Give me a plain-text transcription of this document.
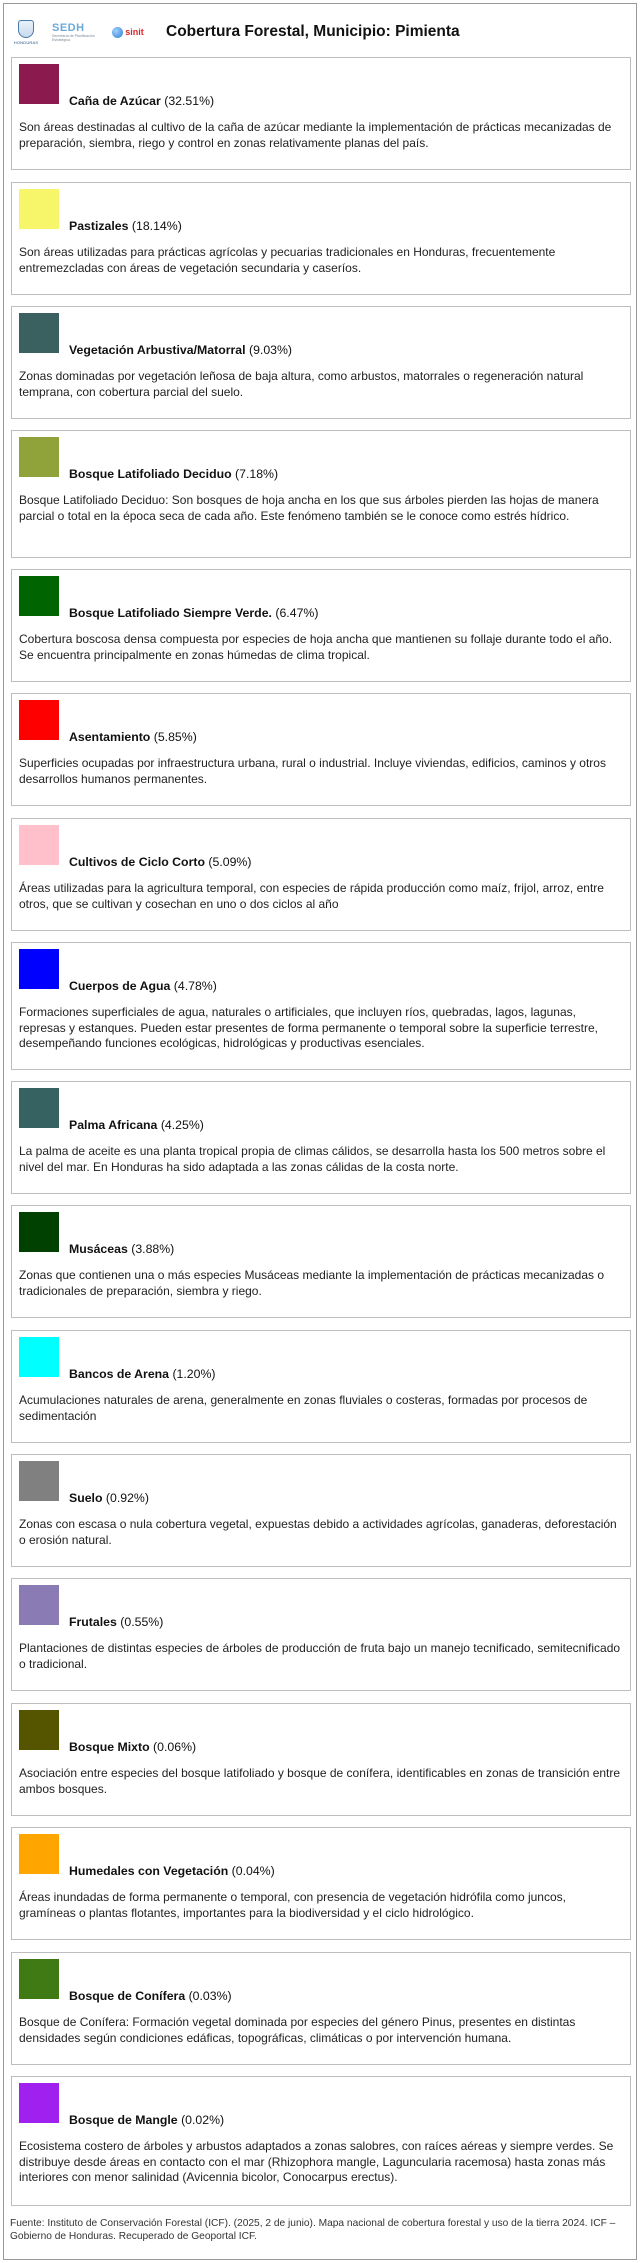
HONDURAS
SEDH
Secretaría de Planificación Estratégica
sinit Cobertura Forestal, Municipio: Pimienta
Caña de Azúcar (32.51%)
Son áreas destinadas al cultivo de la caña de azúcar mediante la implementación de prácticas mecanizadas de preparación, siembra, riego y control en zonas relativamente planas del país.
Pastizales (18.14%)
Son áreas utilizadas para prácticas agrícolas y pecuarias tradicionales en Honduras, frecuentemente entremezcladas con áreas de vegetación secundaria y caseríos.
Vegetación Arbustiva/Matorral (9.03%)
Zonas dominadas por vegetación leñosa de baja altura, como arbustos, matorrales o regeneración natural temprana, con cobertura parcial del suelo.
Bosque Latifoliado Deciduo (7.18%)
Bosque Latifoliado Deciduo: Son bosques de hoja ancha en los que sus árboles pierden las hojas de manera parcial o total en la época seca de cada año. Este fenómeno también se le conoce como estrés hídrico.
Bosque Latifoliado Siempre Verde. (6.47%)
Cobertura boscosa densa compuesta por especies de hoja ancha que mantienen su follaje durante todo el año. Se encuentra principalmente en zonas húmedas de clima tropical.
Asentamiento (5.85%)
Superficies ocupadas por infraestructura urbana, rural o industrial. Incluye viviendas, edificios, caminos y otros desarrollos humanos permanentes.
Cultivos de Ciclo Corto (5.09%)
Áreas utilizadas para la agricultura temporal, con especies de rápida producción como maíz, frijol, arroz, entre otros, que se cultivan y cosechan en uno o dos ciclos al año
Cuerpos de Agua (4.78%)
Formaciones superficiales de agua, naturales o artificiales, que incluyen ríos, quebradas, lagos, lagunas, represas y estanques. Pueden estar presentes de forma permanente o temporal sobre la superficie terrestre, desempeñando funciones ecológicas, hidrológicas y productivas esenciales.
Palma Africana (4.25%)
La palma de aceite es una planta tropical propia de climas cálidos, se desarrolla hasta los 500 metros sobre el nivel del mar. En Honduras ha sido adaptada a las zonas cálidas de la costa norte.
Musáceas (3.88%)
Zonas que contienen una o más especies Musáceas mediante la implementación de prácticas mecanizadas o tradicionales de preparación, siembra y riego.
Bancos de Arena (1.20%)
Acumulaciones naturales de arena, generalmente en zonas fluviales o costeras, formadas por procesos de sedimentación
Suelo (0.92%)
Zonas con escasa o nula cobertura vegetal, expuestas debido a actividades agrícolas, ganaderas, deforestación o erosión natural.
Frutales (0.55%)
Plantaciones de distintas especies de árboles de producción de fruta bajo un manejo tecnificado, semitecnificado o tradicional.
Bosque Mixto (0.06%)
Asociación entre especies del bosque latifoliado y bosque de conífera, identificables en zonas de transición entre ambos bosques.
Humedales con Vegetación (0.04%)
Áreas inundadas de forma permanente o temporal, con presencia de vegetación hidrófila como juncos, gramíneas o plantas flotantes, importantes para la biodiversidad y el ciclo hidrológico.
Bosque de Conífera (0.03%)
Bosque de Conífera: Formación vegetal dominada por especies del género Pinus, presentes en distintas densidades según condiciones edáficas, topográficas, climáticas o por intervención humana.
Bosque de Mangle (0.02%)
Ecosistema costero de árboles y arbustos adaptados a zonas salobres, con raíces aéreas y siempre verdes. Se distribuye desde áreas en contacto con el mar (Rhizophora mangle, Laguncularia racemosa) hasta zonas más interiores con menor salinidad (Avicennia bicolor, Conocarpus erectus).
Fuente: Instituto de Conservación Forestal (ICF). (2025, 2 de junio). Mapa nacional de cobertura forestal y uso de la tierra 2024. ICF – Gobierno de Honduras. Recuperado de Geoportal ICF.
